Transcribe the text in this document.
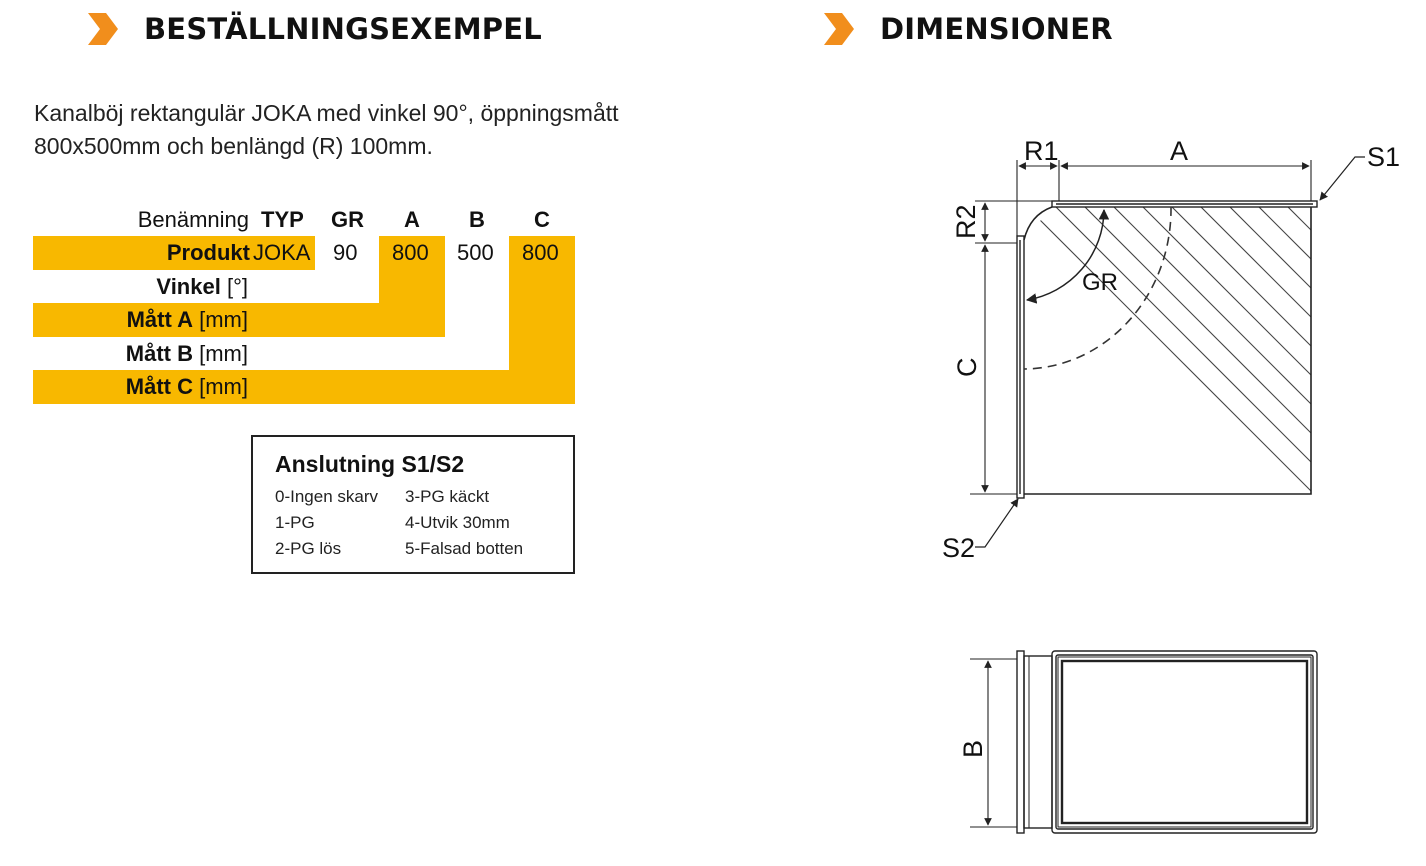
BESTÄLLNINGSEXEMPEL
Kanalböj rektangulär JOKA med vinkel 90°, öppningsmått
800x500mm och benlängd (R) 100mm.
Benämning TYP GR A B C
JOKA 90 800 500 800
Produkt
Vinkel [°]
Mått A [mm]
Mått B [mm]
Mått C [mm]
Anslutning S1/S2
0-Ingen skarv
1-PG
2-PG lös
3-PG käckt
4-Utvik 30mm
5-Falsad botten
DIMENSIONER
R1	A	S1
R2
GR
C
S2
B
